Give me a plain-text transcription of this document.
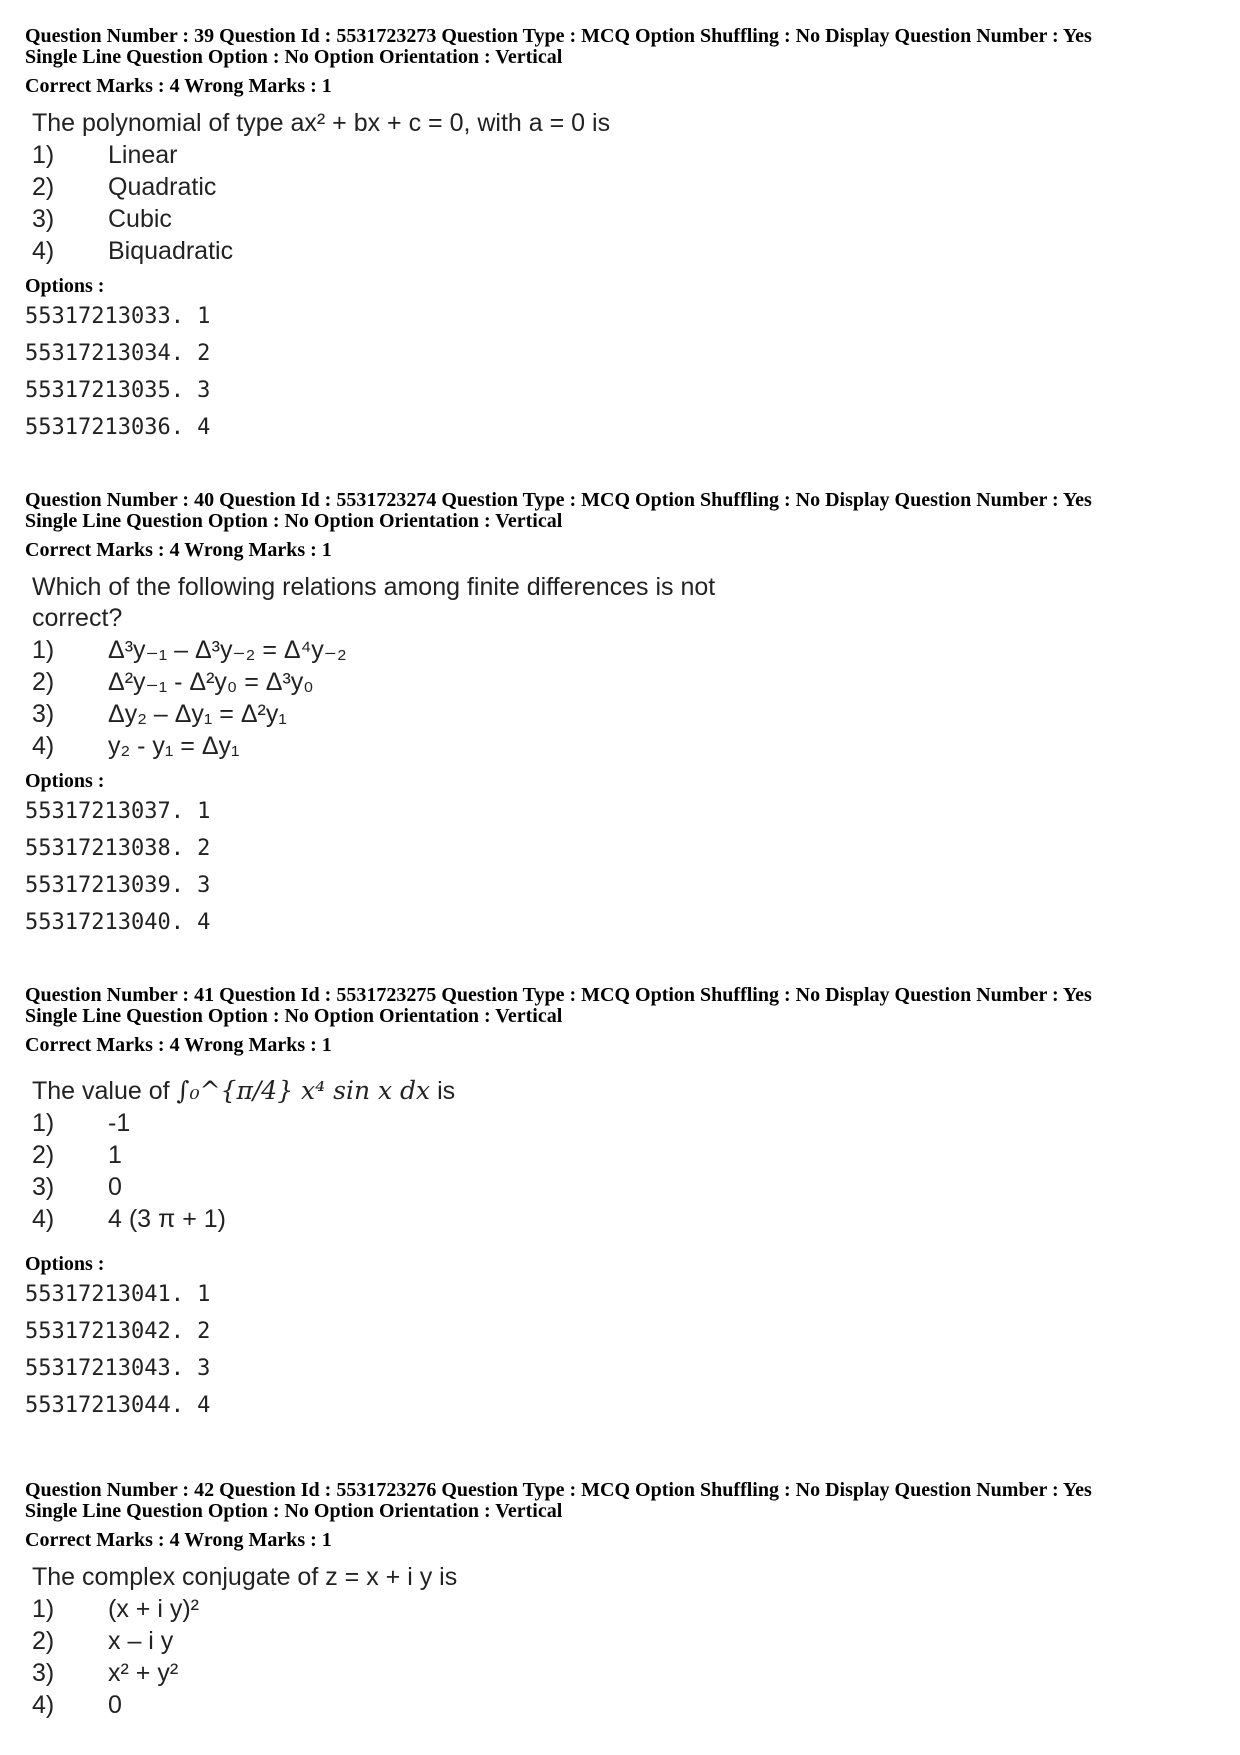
Question Number : 39 Question Id : 5531723273 Question Type : MCQ Option Shuffling : No Display Question Number : Yes

Single Line Question Option : No Option Orientation : Vertical

Correct Marks : 4 Wrong Marks : 1
The polynomial of type ax² + bx + c = 0, with a = 0 is
1)	Linear
2)	Quadratic
3)	Cubic
4)	Biquadratic
Options :
55317213033. 1
55317213034. 2
55317213035. 3
55317213036. 4

Question Number : 40 Question Id : 5531723274 Question Type : MCQ Option Shuffling : No Display Question Number : Yes

Single Line Question Option : No Option Orientation : Vertical

Correct Marks : 4 Wrong Marks : 1
Which of the following relations among finite differences is not
correct?
1)	Δ³y₋₁ – Δ³y₋₂ = Δ⁴y₋₂
2)	Δ²y₋₁ - Δ²y₀ = Δ³y₀
3)	Δy₂ – Δy₁ = Δ²y₁
4)	y₂ - y₁ = Δy₁
Options :
55317213037. 1
55317213038. 2
55317213039. 3
55317213040. 4

Question Number : 41 Question Id : 5531723275 Question Type : MCQ Option Shuffling : No Display Question Number : Yes

Single Line Question Option : No Option Orientation : Vertical

Correct Marks : 4 Wrong Marks : 1
The value of ∫₀^{π/4} x⁴ sin x dx is
1)	-1
2)	1
3)	0
4)	4 (3 π + 1)
Options :
55317213041. 1
55317213042. 2
55317213043. 3
55317213044. 4

Question Number : 42 Question Id : 5531723276 Question Type : MCQ Option Shuffling : No Display Question Number : Yes

Single Line Question Option : No Option Orientation : Vertical

Correct Marks : 4 Wrong Marks : 1
The complex conjugate of z = x + i y is
1)	(x + i y)²
2)	x – i y
3)	x² + y²
4)	0
